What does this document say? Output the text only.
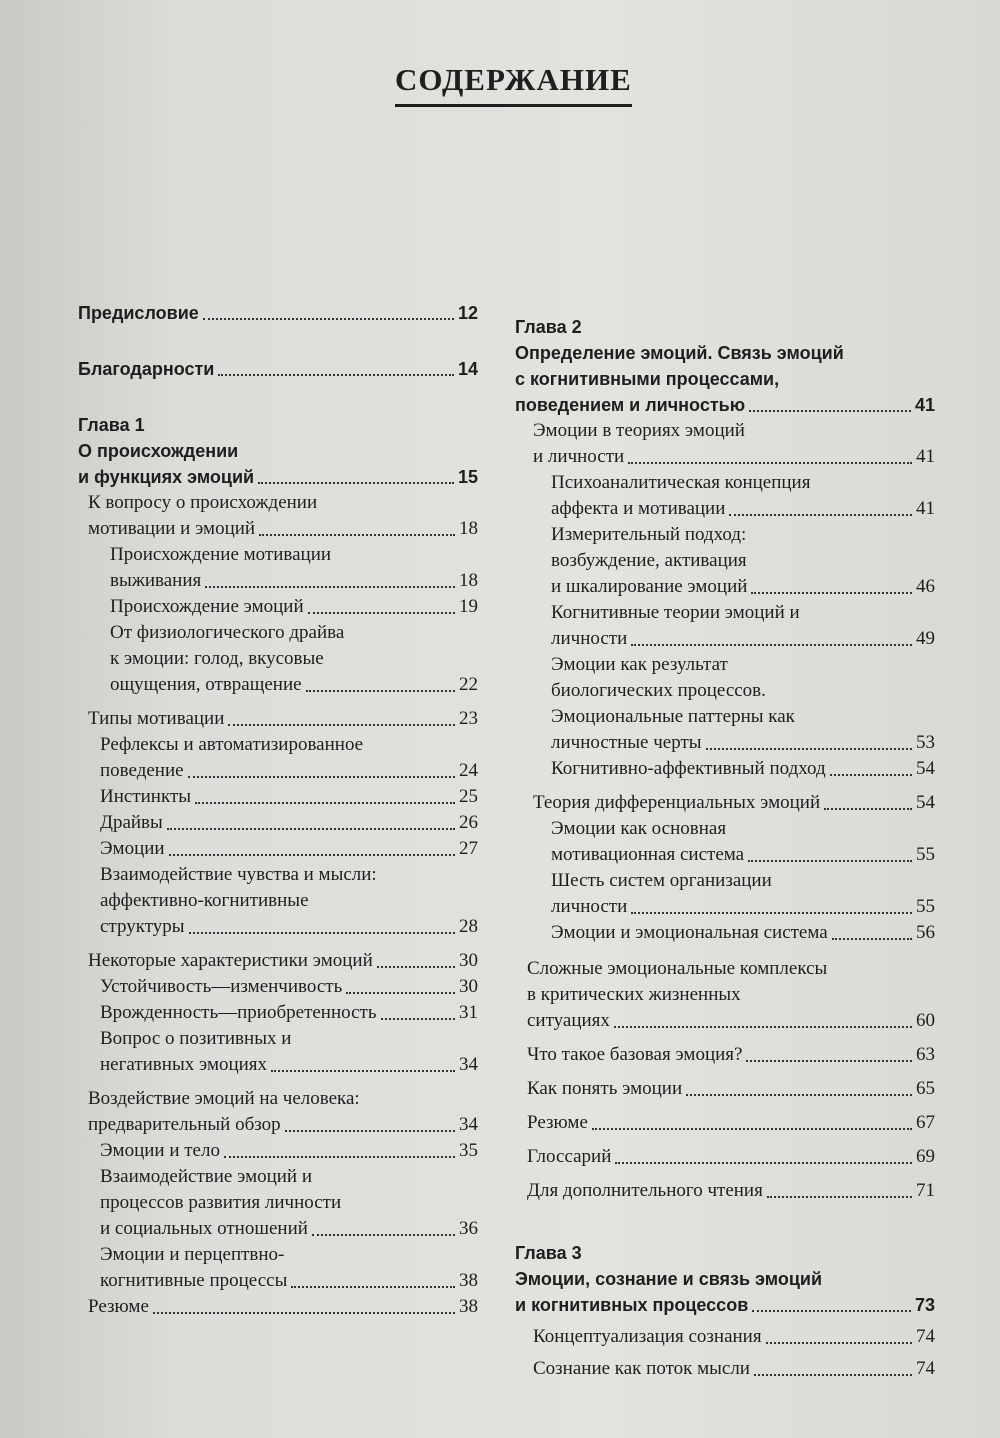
СОДЕРЖАНИЕ
Предисловие	12
Благодарности	14
Глава 1
О происхождении
и функциях эмоций	15
К вопросу о происхождении
мотивации и эмоций	18
Происхождение мотивации
выживания	18
Происхождение эмоций	19
От физиологического драйва
к эмоции: голод, вкусовые
ощущения, отвращение	22
Типы мотивации	23
Рефлексы и автоматизированное
поведение	24
Инстинкты	25
Драйвы	26
Эмоции	27
Взаимодействие чувства и мысли:
аффективно-когнитивные
структуры	28
Некоторые характеристики эмоций	30
Устойчивость—изменчивость	30
Врожденность—приобретенность	31
Вопрос о позитивных и
негативных эмоциях	34
Воздействие эмоций на человека:
предварительный обзор	34
Эмоции и тело	35
Взаимодействие эмоций и
процессов развития личности
и социальных отношений	36
Эмоции и перцептвно-
когнитивные процессы	38
Резюме	38
Глава 2
Определение эмоций. Связь эмоций
с когнитивными процессами,
поведением и личностью	41
Эмоции в теориях эмоций
и личности	41
Психоаналитическая концепция
аффекта и мотивации	41
Измерительный подход:
возбуждение, активация
и шкалирование эмоций	46
Когнитивные теории эмоций и
личности	49
Эмоции как результат
биологических процессов.
Эмоциональные паттерны как
личностные черты	53
Когнитивно-аффективный подход	54
Теория дифференциальных эмоций	54
Эмоции как основная
мотивационная система	55
Шесть систем организации
личности	55
Эмоции и эмоциональная система	56
Сложные эмоциональные комплексы
в критических жизненных
ситуациях	60
Что такое базовая эмоция?	63
Как понять эмоции	65
Резюме	67
Глоссарий	69
Для дополнительного чтения	71
Глава 3
Эмоции, сознание и связь эмоций
и когнитивных процессов	73
Концептуализация сознания	74
Сознание как поток мысли	74
